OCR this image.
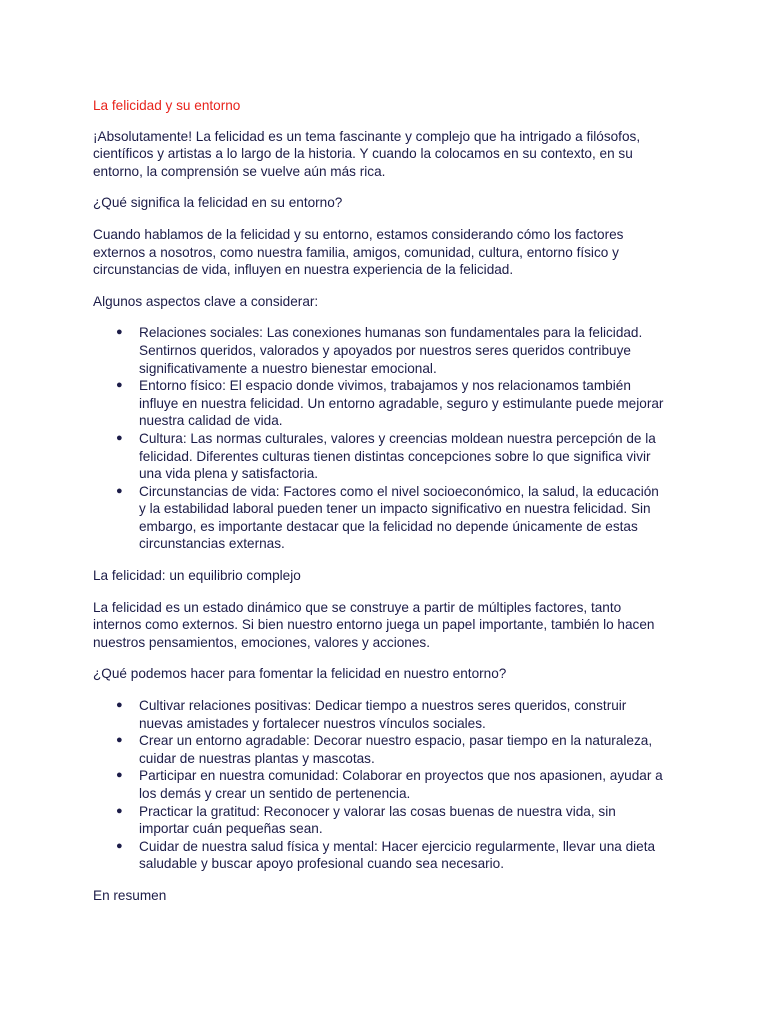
La felicidad y su entorno

¡Absolutamente! La felicidad es un tema fascinante y complejo que ha intrigado a filósofos, científicos y artistas a lo largo de la historia. Y cuando la colocamos en su contexto, en su entorno, la comprensión se vuelve aún más rica.

¿Qué significa la felicidad en su entorno?

Cuando hablamos de la felicidad y su entorno, estamos considerando cómo los factores externos a nosotros, como nuestra familia, amigos, comunidad, cultura, entorno físico y circunstancias de vida, influyen en nuestra experiencia de la felicidad.

Algunos aspectos clave a considerar:

● Relaciones sociales: Las conexiones humanas son fundamentales para la felicidad. Sentirnos queridos, valorados y apoyados por nuestros seres queridos contribuye significativamente a nuestro bienestar emocional.
● Entorno físico: El espacio donde vivimos, trabajamos y nos relacionamos también influye en nuestra felicidad. Un entorno agradable, seguro y estimulante puede mejorar nuestra calidad de vida.
● Cultura: Las normas culturales, valores y creencias moldean nuestra percepción de la felicidad. Diferentes culturas tienen distintas concepciones sobre lo que significa vivir una vida plena y satisfactoria.
● Circunstancias de vida: Factores como el nivel socioeconómico, la salud, la educación y la estabilidad laboral pueden tener un impacto significativo en nuestra felicidad. Sin embargo, es importante destacar que la felicidad no depende únicamente de estas circunstancias externas.

La felicidad: un equilibrio complejo

La felicidad es un estado dinámico que se construye a partir de múltiples factores, tanto internos como externos. Si bien nuestro entorno juega un papel importante, también lo hacen nuestros pensamientos, emociones, valores y acciones.

¿Qué podemos hacer para fomentar la felicidad en nuestro entorno?

● Cultivar relaciones positivas: Dedicar tiempo a nuestros seres queridos, construir nuevas amistades y fortalecer nuestros vínculos sociales.
● Crear un entorno agradable: Decorar nuestro espacio, pasar tiempo en la naturaleza, cuidar de nuestras plantas y mascotas.
● Participar en nuestra comunidad: Colaborar en proyectos que nos apasionen, ayudar a los demás y crear un sentido de pertenencia.
● Practicar la gratitud: Reconocer y valorar las cosas buenas de nuestra vida, sin importar cuán pequeñas sean.
● Cuidar de nuestra salud física y mental: Hacer ejercicio regularmente, llevar una dieta saludable y buscar apoyo profesional cuando sea necesario.

En resumen
